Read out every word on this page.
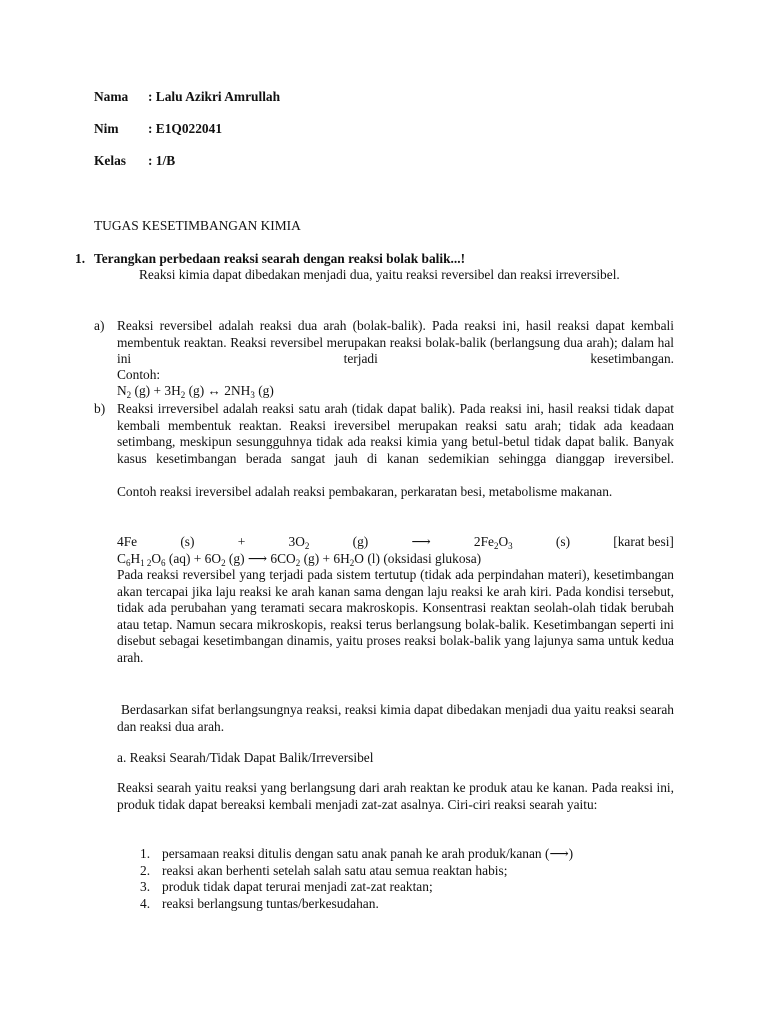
Nama : Lalu Azikri Amrullah
Nim : E1Q022041
Kelas : 1/B
TUGAS KESETIMBANGAN KIMIA
1. Terangkan perbedaan reaksi searah dengan reaksi bolak balik...!
Reaksi kimia dapat dibedakan menjadi dua, yaitu reaksi reversibel dan reaksi irreversibel.
a) Reaksi reversibel adalah reaksi dua arah (bolak-balik). Pada reaksi ini, hasil reaksi dapat kembali membentuk reaktan. Reaksi reversibel merupakan reaksi bolak-balik (berlangsung dua arah); dalam hal ini terjadi kesetimbangan.
Contoh:
$N_2$ $(g) + 3H_2$ (g) ↔ $2NH_3$ (g)
b) Reaksi irreversibel adalah reaksi satu arah (tidak dapat balik). Pada reaksi ini, hasil reaksi tidak dapat kembali membentuk reaktan. Reaksi ireversibel merupakan reaksi satu arah; tidak ada keadaan setimbang, meskipun sesungguhnya tidak ada reaksi kimia yang betul-betul tidak dapat balik. Banyak kasus kesetimbangan berada sangat jauh di kanan sedemikian sehingga dianggap ireversibel.
Contoh reaksi ireversibel adalah reaksi pembakaran, perkaratan besi, metabolisme makanan.
4Fe	(s)	+	$3O_2$	(g)	⟶	$2Fe_2O_3$	(s)	[karat besi]
$C_6H_{1 2}O_6$ $(aq) + 6O_2$ (g) ⟶ $6CO_2$ $(g) + 6H_2O$ (l) (oksidasi glukosa)
Pada reaksi reversibel yang terjadi pada sistem tertutup (tidak ada perpindahan materi), kesetimbangan akan tercapai jika laju reaksi ke arah kanan sama dengan laju reaksi ke arah kiri. Pada kondisi tersebut, tidak ada perubahan yang teramati secara makroskopis. Konsentrasi reaktan seolah-olah tidak berubah atau tetap. Namun secara mikroskopis, reaksi terus berlangsung bolak-balik. Kesetimbangan seperti ini disebut sebagai kesetimbangan dinamis, yaitu proses reaksi bolak-balik yang lajunya sama untuk kedua arah.
Berdasarkan sifat berlangsungnya reaksi, reaksi kimia dapat dibedakan menjadi dua yaitu reaksi searah dan reaksi dua arah.
a. Reaksi Searah/Tidak Dapat Balik/Irreversibel
Reaksi searah yaitu reaksi yang berlangsung dari arah reaktan ke produk atau ke kanan. Pada reaksi ini, produk tidak dapat bereaksi kembali menjadi zat-zat asalnya. Ciri-ciri reaksi searah yaitu:
1. persamaan reaksi ditulis dengan satu anak panah ke arah produk/kanan (⟶)
2. reaksi akan berhenti setelah salah satu atau semua reaktan habis;
3. produk tidak dapat terurai menjadi zat-zat reaktan;
4. reaksi berlangsung tuntas/berkesudahan.
